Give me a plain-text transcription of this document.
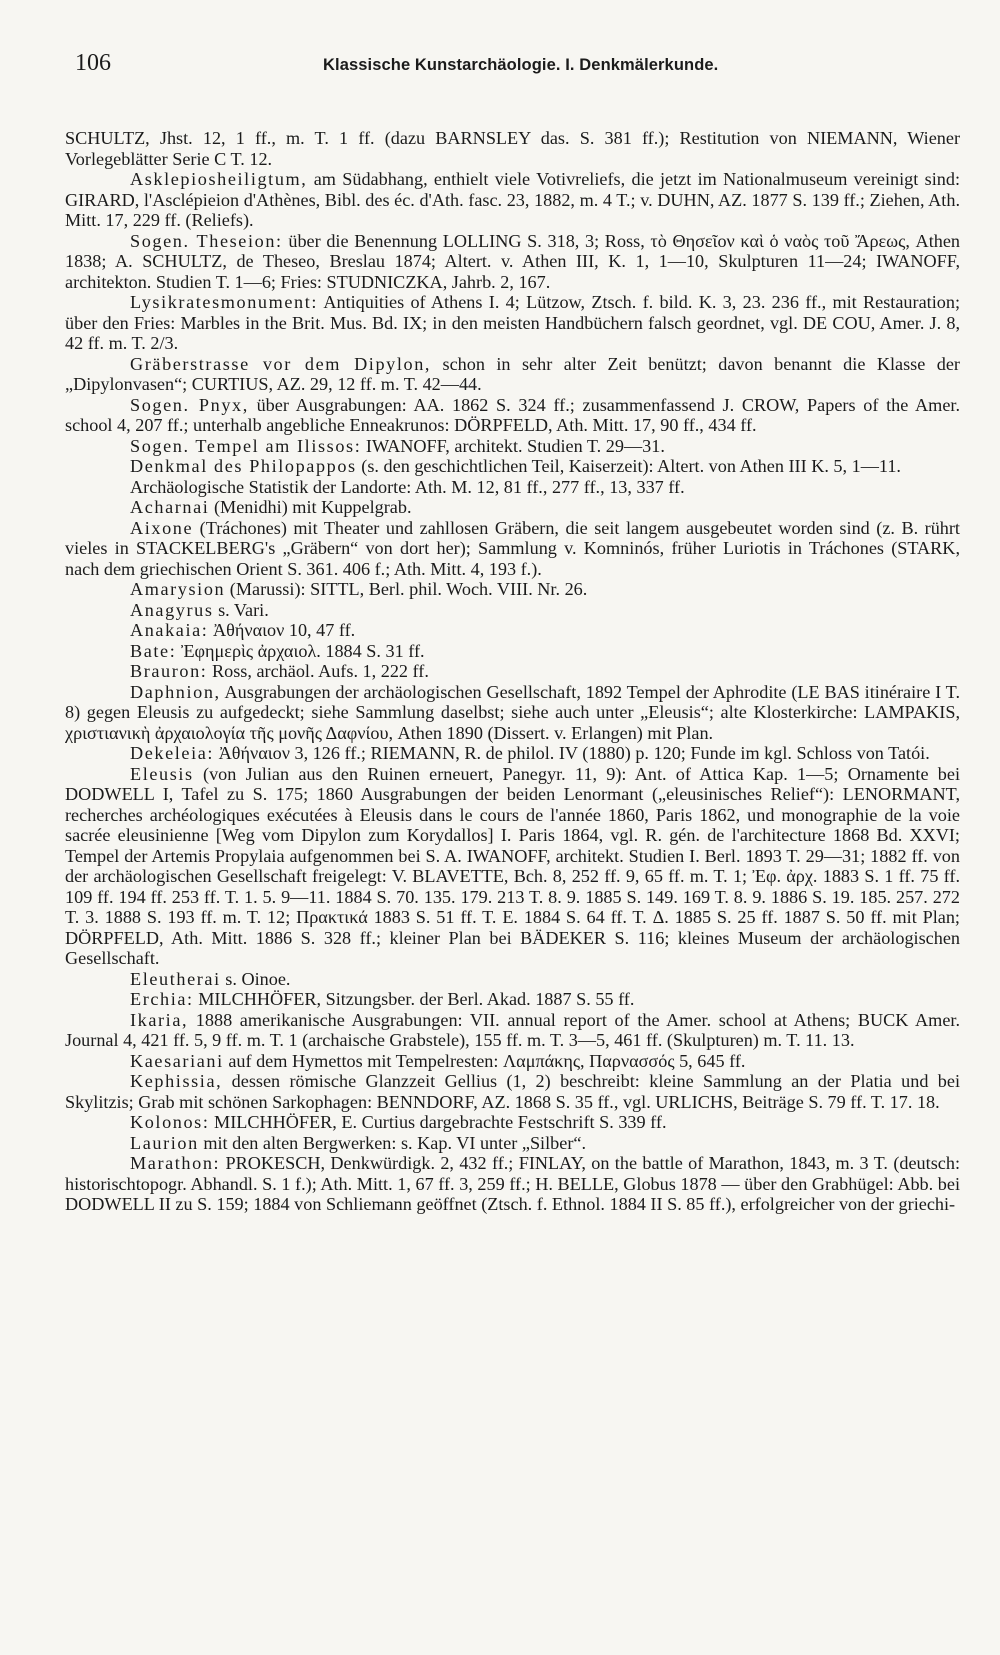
106	Klassische Kunstarchäologie. I. Denkmälerkunde.

SCHULTZ, Jhst. 12, 1 ff., m. T. 1 ff. (dazu BARNSLEY das. S. 381 ff.); Restitution von NIEMANN, Wiener Vorlegeblätter Serie C T. 12.

Asklepiosheiligtum, am Südabhang, enthielt viele Votivreliefs, die jetzt im Nationalmuseum vereinigt sind: GIRARD, l'Asclépieion d'Athènes, Bibl. des éc. d'Ath. fasc. 23, 1882, m. 4 T.; v. DUHN, AZ. 1877 S. 139 ff.; Ziehen, Ath. Mitt. 17, 229 ff. (Reliefs).

Sogen. Theseion: über die Benennung LOLLING S. 318, 3; Ross, τὸ Θησεῖον καὶ ὁ ναὸς τοῦ Ἄρεως, Athen 1838; A. SCHULTZ, de Theseo, Breslau 1874; Altert. v. Athen III, K. 1, 1—10, Skulpturen 11—24; IWANOFF, architekton. Studien T. 1—6; Fries: STUDNICZKA, Jahrb. 2, 167.

Lysikratesmonument: Antiquities of Athens I. 4; Lützow, Ztsch. f. bild. K. 3, 23. 236 ff., mit Restauration; über den Fries: Marbles in the Brit. Mus. Bd. IX; in den meisten Handbüchern falsch geordnet, vgl. DE COU, Amer. J. 8, 42 ff. m. T. 2/3.

Gräberstrasse vor dem Dipylon, schon in sehr alter Zeit benützt; davon benannt die Klasse der „Dipylonvasen“; CURTIUS, AZ. 29, 12 ff. m. T. 42—44.

Sogen. Pnyx, über Ausgrabungen: AA. 1862 S. 324 ff.; zusammenfassend J. CROW, Papers of the Amer. school 4, 207 ff.; unterhalb angebliche Enneakrunos: DÖRPFELD, Ath. Mitt. 17, 90 ff., 434 ff.

Sogen. Tempel am Ilissos: IWANOFF, architekt. Studien T. 29—31.

Denkmal des Philopappos (s. den geschichtlichen Teil, Kaiserzeit): Altert. von Athen III K. 5, 1—11.

Archäologische Statistik der Landorte: Ath. M. 12, 81 ff., 277 ff., 13, 337 ff.

Acharnai (Menidhi) mit Kuppelgrab.

Aixone (Tráchones) mit Theater und zahllosen Gräbern, die seit langem ausgebeutet worden sind (z. B. rührt vieles in STACKELBERG's „Gräbern“ von dort her); Sammlung v. Komninós, früher Luriotis in Tráchones (STARK, nach dem griechischen Orient S. 361. 406 f.; Ath. Mitt. 4, 193 f.).

Amarysion (Marussi): SITTL, Berl. phil. Woch. VIII. Nr. 26.

Anagyrus s. Vari.

Anakaia: Ἀθήναιον 10, 47 ff.

Bate: Ἐφημερὶς ἀρχαιολ. 1884 S. 31 ff.

Brauron: Ross, archäol. Aufs. 1, 222 ff.

Daphnion, Ausgrabungen der archäologischen Gesellschaft, 1892 Tempel der Aphrodite (LE BAS itinéraire I T. 8) gegen Eleusis zu aufgedeckt; siehe Sammlung daselbst; siehe auch unter „Eleusis“; alte Klosterkirche: LAMPAKIS, χριστιανικὴ ἀρχαιολογία τῆς μονῆς Δαφνίου, Athen 1890 (Dissert. v. Erlangen) mit Plan.

Dekeleia: Ἀθήναιον 3, 126 ff.; RIEMANN, R. de philol. IV (1880) p. 120; Funde im kgl. Schloss von Tatói.

Eleusis (von Julian aus den Ruinen erneuert, Panegyr. 11, 9): Ant. of Attica Kap. 1—5; Ornamente bei DODWELL I, Tafel zu S. 175; 1860 Ausgrabungen der beiden Lenormant („eleusinisches Relief“): LENORMANT, recherches archéologiques exécutées à Eleusis dans le cours de l'année 1860, Paris 1862, und monographie de la voie sacrée eleusinienne [Weg vom Dipylon zum Korydallos] I. Paris 1864, vgl. R. gén. de l'architecture 1868 Bd. XXVI; Tempel der Artemis Propylaia aufgenommen bei S. A. IWANOFF, architekt. Studien I. Berl. 1893 T. 29—31; 1882 ff. von der archäologischen Gesellschaft freigelegt: V. BLAVETTE, Bch. 8, 252 ff. 9, 65 ff. m. T. 1; Ἐφ. ἀρχ. 1883 S. 1 ff. 75 ff. 109 ff. 194 ff. 253 ff. T. 1. 5. 9—11. 1884 S. 70. 135. 179. 213 T. 8. 9. 1885 S. 149. 169 T. 8. 9. 1886 S. 19. 185. 257. 272 T. 3. 1888 S. 193 ff. m. T. 12; Πρακτικά 1883 S. 51 ff. T. E. 1884 S. 64 ff. T. Δ. 1885 S. 25 ff. 1887 S. 50 ff. mit Plan; DÖRPFELD, Ath. Mitt. 1886 S. 328 ff.; kleiner Plan bei BÄDEKER S. 116; kleines Museum der archäologischen Gesellschaft.

Eleutherai s. Oinoe.

Erchia: MILCHHÖFER, Sitzungsber. der Berl. Akad. 1887 S. 55 ff.

Ikaria, 1888 amerikanische Ausgrabungen: VII. annual report of the Amer. school at Athens; BUCK Amer. Journal 4, 421 ff. 5, 9 ff. m. T. 1 (archaische Grabstele), 155 ff. m. T. 3—5, 461 ff. (Skulpturen) m. T. 11. 13.

Kaesariani auf dem Hymettos mit Tempelresten: Λαμπάκης, Παρνασσός 5, 645 ff.

Kephissia, dessen römische Glanzzeit Gellius (1, 2) beschreibt: kleine Sammlung an der Platia und bei Skylitzis; Grab mit schönen Sarkophagen: BENNDORF, AZ. 1868 S. 35 ff., vgl. URLICHS, Beiträge S. 79 ff. T. 17. 18.

Kolonos: MILCHHÖFER, E. Curtius dargebrachte Festschrift S. 339 ff.

Laurion mit den alten Bergwerken: s. Kap. VI unter „Silber“.

Marathon: PROKESCH, Denkwürdigk. 2, 432 ff.; FINLAY, on the battle of Marathon, 1843, m. 3 T. (deutsch: historischtopogr. Abhandl. S. 1 f.); Ath. Mitt. 1, 67 ff. 3, 259 ff.; H. BELLE, Globus 1878 — über den Grabhügel: Abb. bei DODWELL II zu S. 159; 1884 von Schliemann geöffnet (Ztsch. f. Ethnol. 1884 II S. 85 ff.), erfolgreicher von der griechi-
